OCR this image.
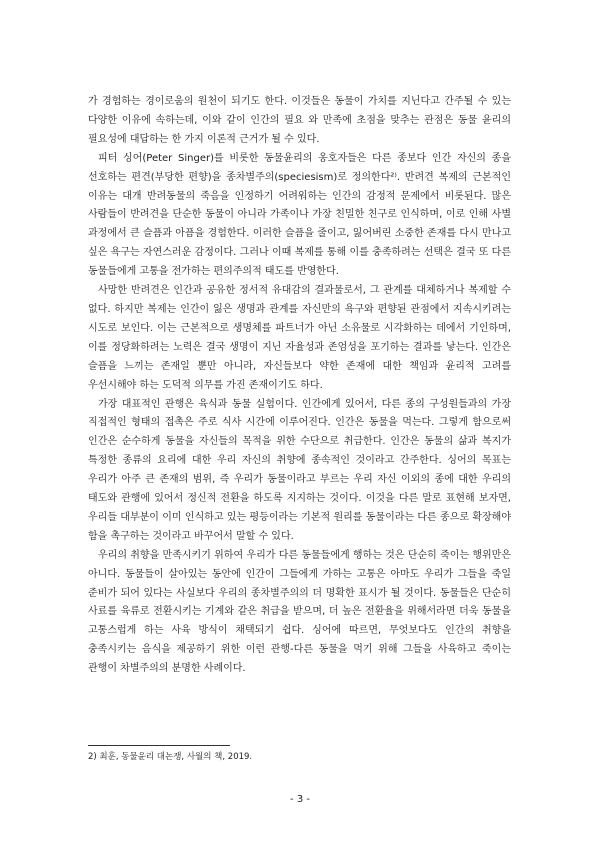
가 경험하는 경이로움의 원천이 되기도 한다. 이것들은 동물이 가치를 지닌다고 간주될 수 있는 다양한 이유에 속하는데, 이와 같이 인간의 필요 와 만족에 초점을 맞추는 관점은 동물 윤리의 필요성에 대답하는 한 가지 이론적 근거가 될 수 있다.

피터 싱어(Peter Singer)를 비롯한 동물윤리의 옹호자들은 다른 종보다 인간 자신의 종을 선호하는 편견(부당한 편향)을 종차별주의(speciesism)로 정의한다²⁾. 반려견 복제의 근본적인 이유는 대개 반려동물의 죽음을 인정하기 어려워하는 인간의 감정적 문제에서 비롯된다. 많은 사람들이 반려견을 단순한 동물이 아니라 가족이나 가장 친밀한 친구로 인식하며, 이로 인해 사별 과정에서 큰 슬픔과 아픔을 경험한다. 이러한 슬픔을 줄이고, 잃어버린 소중한 존재를 다시 만나고 싶은 욕구는 자연스러운 감정이다. 그러나 이때 복제를 통해 이를 충족하려는 선택은 결국 또 다른 동물들에게 고통을 전가하는 편의주의적 태도를 반영한다.

사망한 반려견은 인간과 공유한 정서적 유대감의 결과물로서, 그 관계를 대체하거나 복제할 수 없다. 하지만 복제는 인간이 잃은 생명과 관계를 자신만의 욕구와 편향된 관점에서 지속시키려는 시도로 보인다. 이는 근본적으로 생명체를 파트너가 아닌 소유물로 시각화하는 데에서 기인하며, 이를 정당화하려는 노력은 결국 생명이 지닌 자율성과 존엄성을 포기하는 결과를 낳는다. 인간은 슬픔을 느끼는 존재일 뿐만 아니라, 자신들보다 약한 존재에 대한 책임과 윤리적 고려를 우선시해야 하는 도덕적 의무를 가진 존재이기도 하다.

가장 대표적인 관행은 육식과 동물 실험이다. 인간에게 있어서, 다른 종의 구성원들과의 가장 직접적인 형태의 접촉은 주로 식사 시간에 이루어진다. 인간은 동물을 먹는다. 그렇게 함으로써 인간은 순수하게 동물을 자신들의 목적을 위한 수단으로 취급한다. 인간은 동물의 삶과 복지가 특정한 종류의 요리에 대한 우리 자신의 취향에 종속적인 것이라고 간주한다. 싱어의 목표는 우리가 아주 큰 존재의 범위, 즉 우리가 동물이라고 부르는 우리 자신 이외의 종에 대한 우리의 태도와 관행에 있어서 정신적 전환을 하도록 지지하는 것이다. 이것을 다른 말로 표현해 보자면, 우리들 대부분이 이미 인식하고 있는 평등이라는 기본적 원리를 동물이라는 다른 종으로 확장해야 함을 촉구하는 것이라고 바꾸어서 말할 수 있다.

우리의 취향을 만족시키기 위하여 우리가 다른 동물들에게 행하는 것은 단순히 죽이는 행위만은 아니다. 동물들이 살아있는 동안에 인간이 그들에게 가하는 고통은 아마도 우리가 그들을 죽일 준비가 되어 있다는 사실보다 우리의 종차별주의의 더 명확한 표시가 될 것이다. 동물들은 단순히 사료를 육류로 전환시키는 기계와 같은 취급을 받으며, 더 높은 전환율을 위해서라면 더욱 동물을 고통스럽게 하는 사육 방식이 채택되기 쉽다. 싱어에 따르면, 무엇보다도 인간의 취향을 충족시키는 음식을 제공하기 위한 이런 관행-다른 동물을 먹기 위해 그들을 사육하고 죽이는 관행이 차별주의의 분명한 사례이다.

2) 최훈, 동물윤리 대논쟁, 사월의 책, 2019.
- 3 -
